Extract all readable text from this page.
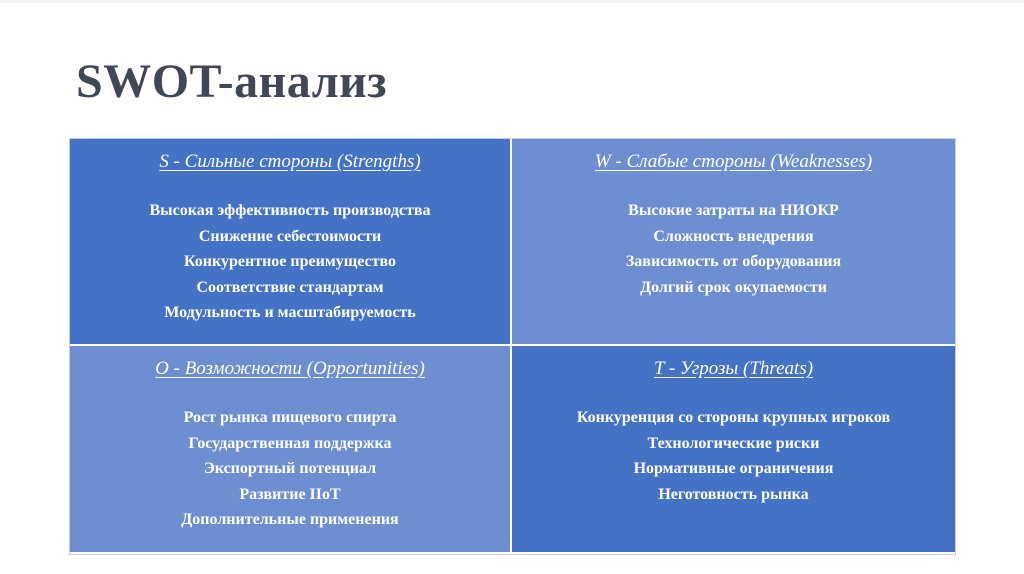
SWOT-анализ
S - Сильные стороны (Strengths)
Высокая эффективность производства
Снижение себестоимости
Конкурентное преимущество
Соответствие стандартам
Модульность и масштабируемость
W - Слабые стороны (Weaknesses)
Высокие затраты на НИОКР
Сложность внедрения
Зависимость от оборудования
Долгий срок окупаемости
O - Возможности (Opportunities)
Рост рынка пищевого спирта
Государственная поддержка
Экспортный потенциал
Развитие IIoT
Дополнительные применения
T - Угрозы (Threats)
Конкуренция со стороны крупных игроков
Технологические риски
Нормативные ограничения
Неготовность рынка
